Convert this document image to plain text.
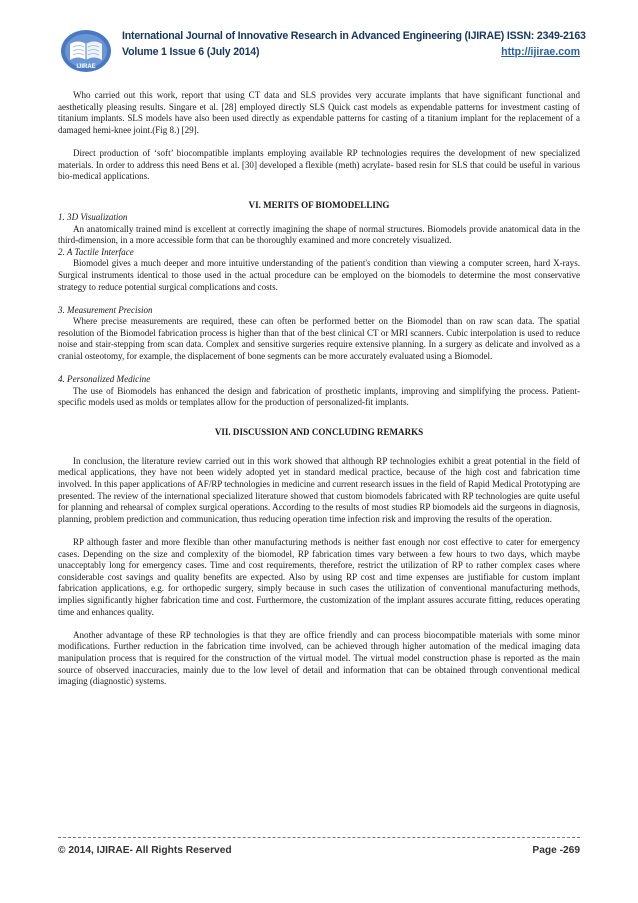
IJIRAE
International Journal of Innovative Research in Advanced Engineering (IJIRAE) ISSN: 2349-2163
Volume 1 Issue 6 (July 2014)	http://ijirae.com

Who carried out this work, report that using CT data and SLS provides very accurate implants that have significant functional and aesthetically pleasing results. Singare et al. [28] employed directly SLS Quick cast models as expendable patterns for investment casting of titanium implants. SLS models have also been used directly as expendable patterns for casting of a titanium implant for the replacement of a damaged hemi-knee joint.(Fig 8.) [29].

Direct production of ‘soft’ biocompatible implants employing available RP technologies requires the development of new specialized materials. In order to address this need Bens et al. [30] developed a flexible (meth) acrylate- based resin for SLS that could be useful in various bio-medical applications.

VI. MERITS OF BIOMODELLING

1. 3D Visualization

An anatomically trained mind is excellent at correctly imagining the shape of normal structures. Biomodels provide anatomical data in the third-dimension, in a more accessible form that can be thoroughly examined and more concretely visualized.

2. A Tactile Interface

Biomodel gives a much deeper and more intuitive understanding of the patient's condition than viewing a computer screen, hard X-rays. Surgical instruments identical to those used in the actual procedure can be employed on the biomodels to determine the most conservative strategy to reduce potential surgical complications and costs.

3. Measurement Precision

Where precise measurements are required, these can often be performed better on the Biomodel than on raw scan data. The spatial resolution of the Biomodel fabrication process is higher than that of the best clinical CT or MRI scanners. Cubic interpolation is used to reduce noise and stair-stepping from scan data. Complex and sensitive surgeries require extensive planning. In a surgery as delicate and involved as a cranial osteotomy, for example, the displacement of bone segments can be more accurately evaluated using a Biomodel.

4. Personalized Medicine

The use of Biomodels has enhanced the design and fabrication of prosthetic implants, improving and simplifying the process. Patient-specific models used as molds or templates allow for the production of personalized-fit implants.

VII. DISCUSSION AND CONCLUDING REMARKS

In conclusion, the literature review carried out in this work showed that although RP technologies exhibit a great potential in the field of medical applications, they have not been widely adopted yet in standard medical practice, because of the high cost and fabrication time involved. In this paper applications of AF/RP technologies in medicine and current research issues in the field of Rapid Medical Prototyping are presented. The review of the international specialized literature showed that custom biomodels fabricated with RP technologies are quite useful for planning and rehearsal of complex surgical operations. According to the results of most studies RP biomodels aid the surgeons in diagnosis, planning, problem prediction and communication, thus reducing operation time infection risk and improving the results of the operation.

RP although faster and more flexible than other manufacturing methods is neither fast enough nor cost effective to cater for emergency cases. Depending on the size and complexity of the biomodel, RP fabrication times vary between a few hours to two days, which maybe unacceptably long for emergency cases. Time and cost requirements, therefore, restrict the utilization of RP to rather complex cases where considerable cost savings and quality benefits are expected. Also by using RP cost and time expenses are justifiable for custom implant fabrication applications, e.g. for orthopedic surgery, simply because in such cases the utilization of conventional manufacturing methods, implies significantly higher fabrication time and cost. Furthermore, the customization of the implant assures accurate fitting, reduces operating time and enhances quality.

Another advantage of these RP technologies is that they are office friendly and can process biocompatible materials with some minor modifications. Further reduction in the fabrication time involved, can be achieved through higher automation of the medical imaging data manipulation process that is required for the construction of the virtual model. The virtual model construction phase is reported as the main source of observed inaccuracies, mainly due to the low level of detail and information that can be obtained through conventional medical imaging (diagnostic) systems.

© 2014, IJIRAE- All Rights Reserved	Page -269
